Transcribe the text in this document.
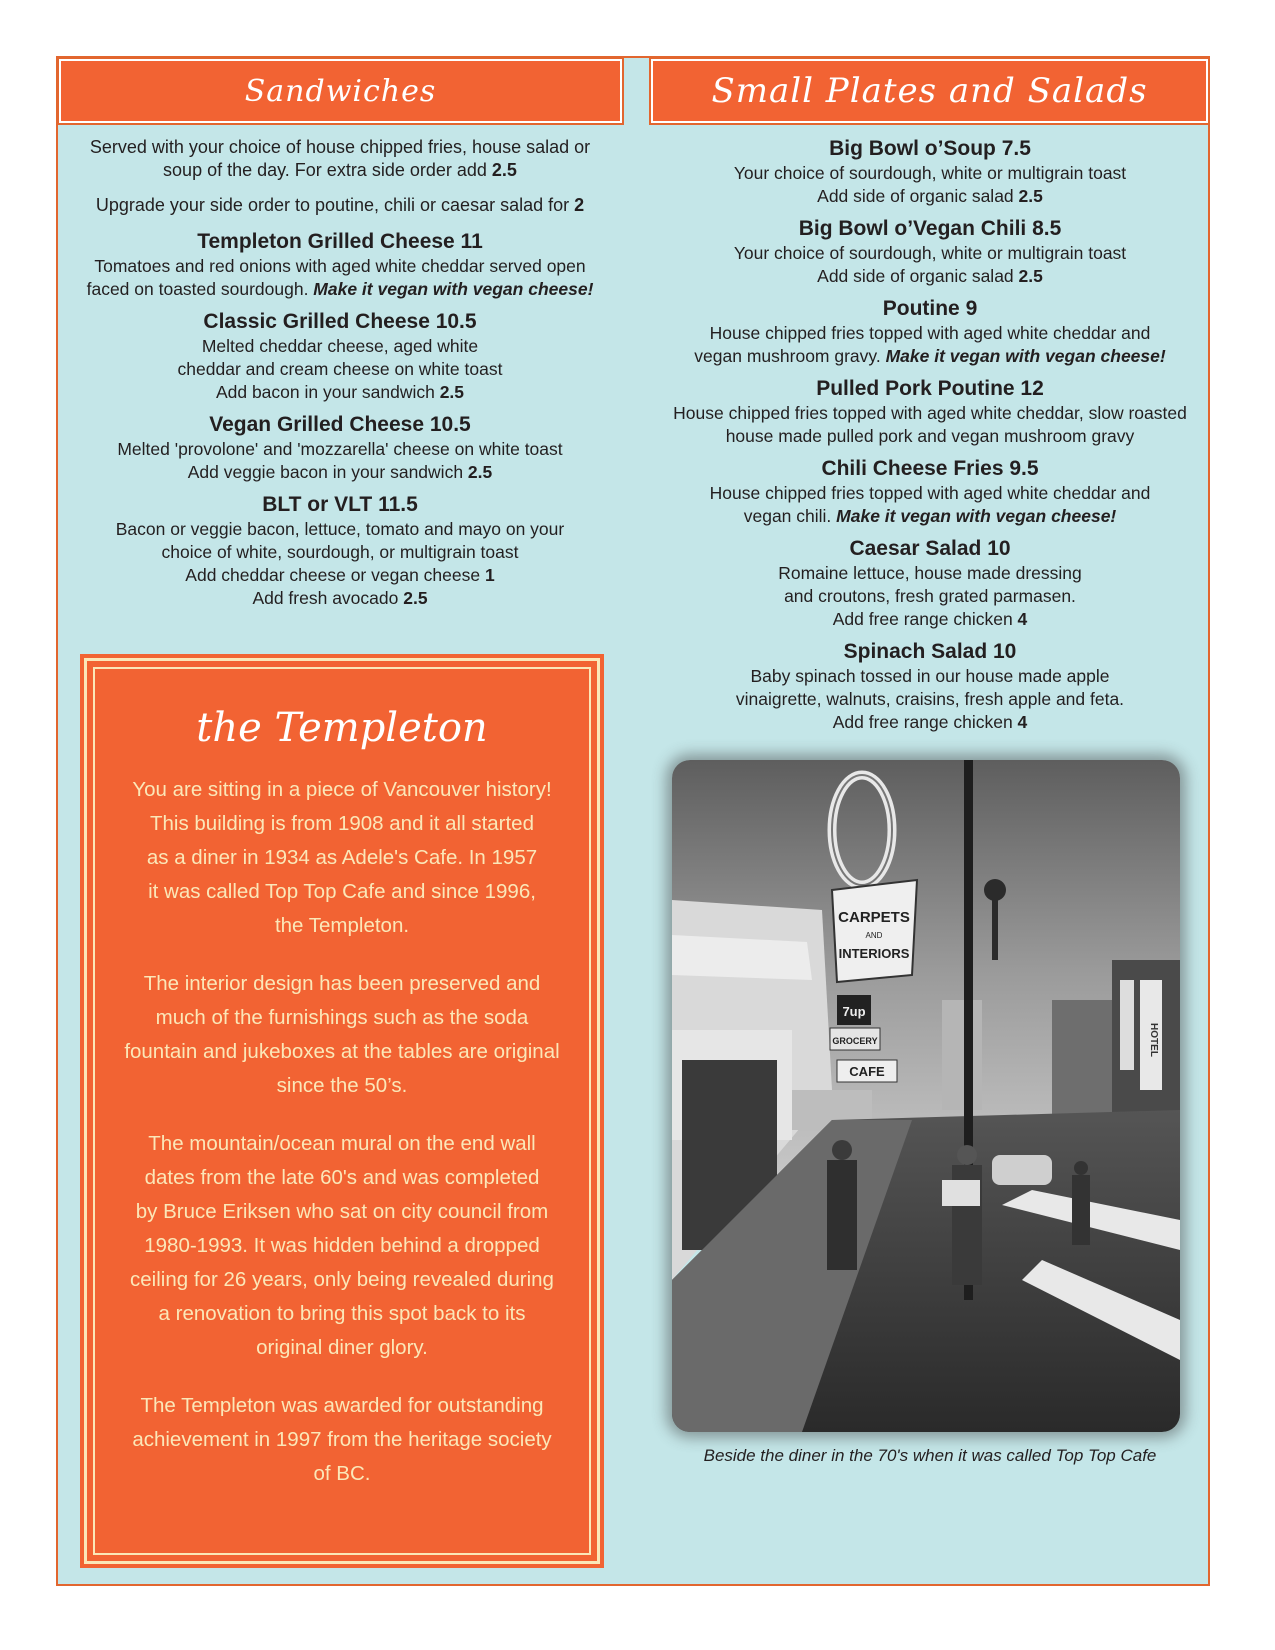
Sandwiches	Small Plates and Salads
Served with your choice of house chipped fries, house salad or
soup of the day. For extra side order add 2.5
Upgrade your side order to poutine, chili or caesar salad for 2
Templeton Grilled Cheese 11
Tomatoes and red onions with aged white cheddar served open
faced on toasted sourdough. Make it vegan with vegan cheese!
Classic Grilled Cheese 10.5
Melted cheddar cheese, aged white
cheddar and cream cheese on white toast
Add bacon in your sandwich 2.5
Vegan Grilled Cheese 10.5
Melted 'provolone' and 'mozzarella' cheese on white toast
Add veggie bacon in your sandwich 2.5
BLT or VLT 11.5
Bacon or veggie bacon, lettuce, tomato and mayo on your
choice of white, sourdough, or multigrain toast
Add cheddar cheese or vegan cheese 1
Add fresh avocado 2.5
Big Bowl o’Soup 7.5
Your choice of sourdough, white or multigrain toast
Add side of organic salad 2.5
Big Bowl o’Vegan Chili 8.5
Your choice of sourdough, white or multigrain toast
Add side of organic salad 2.5
Poutine 9
House chipped fries topped with aged white cheddar and
vegan mushroom gravy. Make it vegan with vegan cheese!
Pulled Pork Poutine 12
House chipped fries topped with aged white cheddar, slow roasted
house made pulled pork and vegan mushroom gravy
Chili Cheese Fries 9.5
House chipped fries topped with aged white cheddar and
vegan chili. Make it vegan with vegan cheese!
Caesar Salad 10
Romaine lettuce, house made dressing
and croutons, fresh grated parmasen.
Add free range chicken 4
Spinach Salad 10
Baby spinach tossed in our house made apple
vinaigrette, walnuts, craisins, fresh apple and feta.
Add free range chicken 4
the Templeton

You are sitting in a piece of Vancouver history!
This building is from 1908 and it all started
as a diner in 1934 as Adele's Cafe. In 1957
it was called Top Top Cafe and since 1996,
the Templeton.

The interior design has been preserved and
much of the furnishings such as the soda
fountain and jukeboxes at the tables are original
since the 50’s.

The mountain/ocean mural on the end wall
dates from the late 60's and was completed
by Bruce Eriksen who sat on city council from
1980-1993. It was hidden behind a dropped
ceiling for 26 years, only being revealed during
a renovation to bring this spot back to its
original diner glory.

The Templeton was awarded for outstanding
achievement in 1997 from the heritage society
of BC.

CARPETS
AND
INTERIORS
7up
GROCERY
CAFE
HOTEL
Beside the diner in the 70's when it was called Top Top Cafe
